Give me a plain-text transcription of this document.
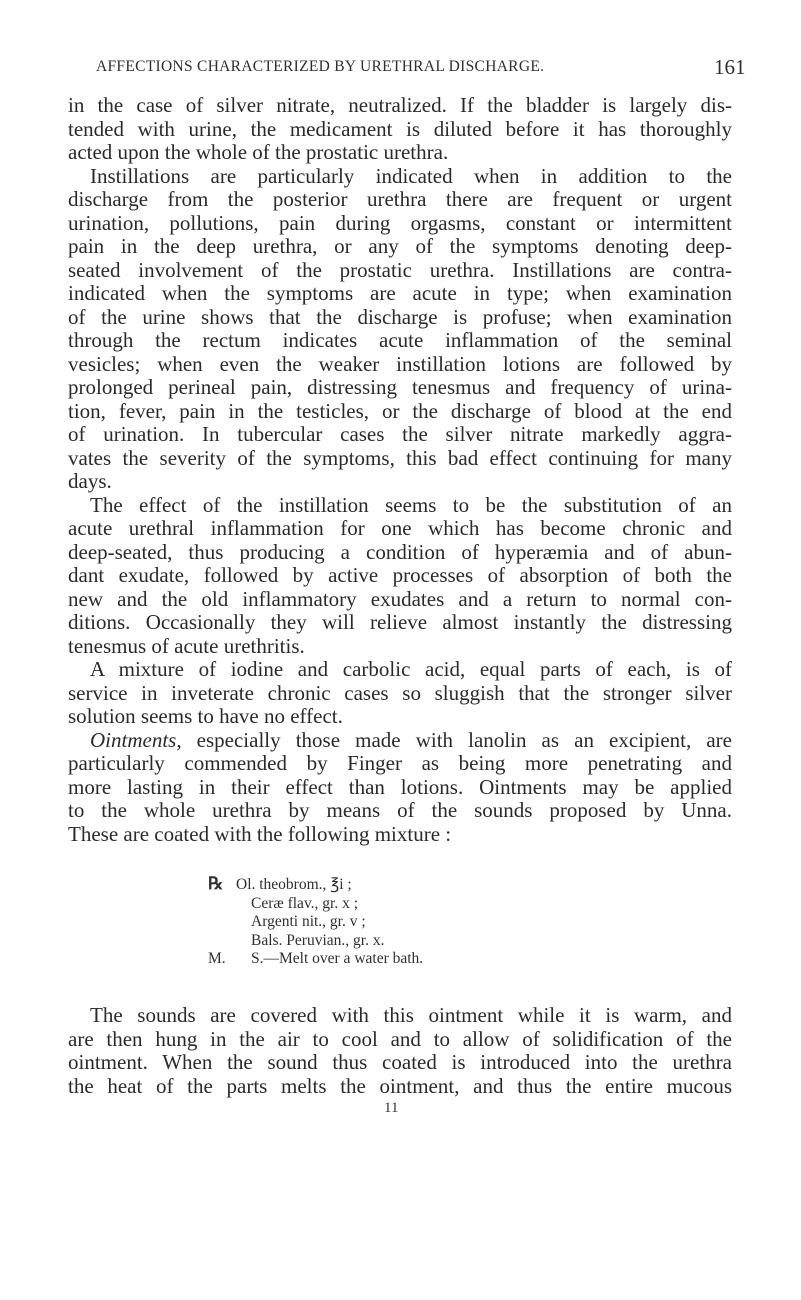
AFFECTIONS CHARACTERIZED BY URETHRAL DISCHARGE.	161
in the case of silver nitrate, neutralized. If the bladder is largely dis-
tended with urine, the medicament is diluted before it has thoroughly
acted upon the whole of the prostatic urethra.
Instillations are particularly indicated when in addition to the
discharge from the posterior urethra there are frequent or urgent
urination, pollutions, pain during orgasms, constant or intermittent
pain in the deep urethra, or any of the symptoms denoting deep-
seated involvement of the prostatic urethra. Instillations are contra-
indicated when the symptoms are acute in type; when examination
of the urine shows that the discharge is profuse; when examination
through the rectum indicates acute inflammation of the seminal
vesicles; when even the weaker instillation lotions are followed by
prolonged perineal pain, distressing tenesmus and frequency of urina-
tion, fever, pain in the testicles, or the discharge of blood at the end
of urination. In tubercular cases the silver nitrate markedly aggra-
vates the severity of the symptoms, this bad effect continuing for many
days.
The effect of the instillation seems to be the substitution of an
acute urethral inflammation for one which has become chronic and
deep-seated, thus producing a condition of hyperæmia and of abun-
dant exudate, followed by active processes of absorption of both the
new and the old inflammatory exudates and a return to normal con-
ditions. Occasionally they will relieve almost instantly the distressing
tenesmus of acute urethritis.
A mixture of iodine and carbolic acid, equal parts of each, is of
service in inveterate chronic cases so sluggish that the stronger silver
solution seems to have no effect.
Ointments, especially those made with lanolin as an excipient, are
particularly commended by Finger as being more penetrating and
more lasting in their effect than lotions. Ointments may be applied
to the whole urethra by means of the sounds proposed by Unna.
These are coated with the following mixture :
℞ Ol. theobrom., ℥i ;
Ceræ flav., gr. x ;
Argenti nit., gr. v ;
Bals. Peruvian., gr. x.
M. S.—Melt over a water bath.
The sounds are covered with this ointment while it is warm, and
are then hung in the air to cool and to allow of solidification of the
ointment. When the sound thus coated is introduced into the urethra
the heat of the parts melts the ointment, and thus the entire mucous
11
